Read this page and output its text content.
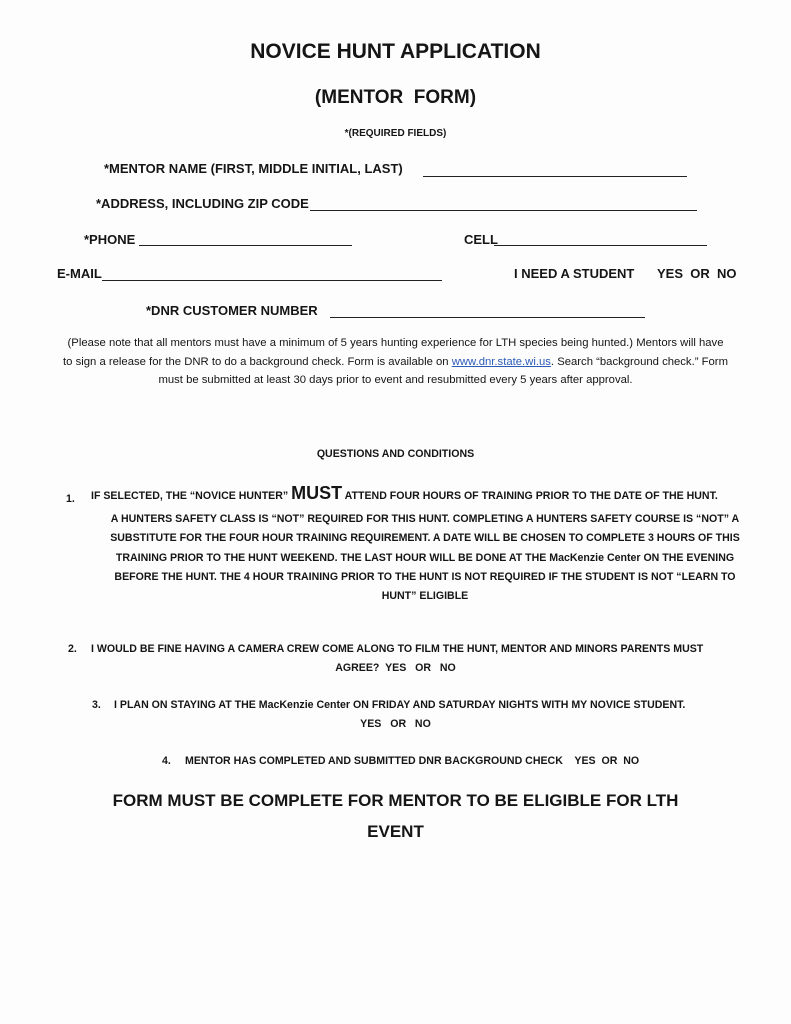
NOVICE HUNT APPLICATION
(MENTOR  FORM)
*(REQUIRED FIELDS)
*MENTOR NAME (FIRST, MIDDLE INITIAL, LAST)
*ADDRESS, INCLUDING ZIP CODE
*PHONE	CELL
E-MAIL	I NEED A STUDENT YES  OR  NO
*DNR CUSTOMER NUMBER
(Please note that all mentors must have a minimum of 5 years hunting experience for LTH species being hunted.) Mentors will have
to sign a release for the DNR to do a background check. Form is available on www.dnr.state.wi.us. Search “background check.” Form
must be submitted at least 30 days prior to event and resubmitted every 5 years after approval.
QUESTIONS AND CONDITIONS
1. IF SELECTED, THE “NOVICE HUNTER” MUST ATTEND FOUR HOURS OF TRAINING PRIOR TO THE DATE OF THE HUNT.
A HUNTERS SAFETY CLASS IS “NOT” REQUIRED FOR THIS HUNT. COMPLETING A HUNTERS SAFETY COURSE IS “NOT” A
SUBSTITUTE FOR THE FOUR HOUR TRAINING REQUIREMENT. A DATE WILL BE CHOSEN TO COMPLETE 3 HOURS OF THIS
TRAINING PRIOR TO THE HUNT WEEKEND. THE LAST HOUR WILL BE DONE AT THE MacKenzie Center ON THE EVENING
BEFORE THE HUNT. THE 4 HOUR TRAINING PRIOR TO THE HUNT IS NOT REQUIRED IF THE STUDENT IS NOT “LEARN TO
HUNT” ELIGIBLE
2. I WOULD BE FINE HAVING A CAMERA CREW COME ALONG TO FILM THE HUNT, MENTOR AND MINORS PARENTS MUST
AGREE?  YES   OR   NO
3. I PLAN ON STAYING AT THE MacKenzie Center ON FRIDAY AND SATURDAY NIGHTS WITH MY NOVICE STUDENT.
YES   OR   NO
4. MENTOR HAS COMPLETED AND SUBMITTED DNR BACKGROUND CHECK    YES  OR  NO
FORM MUST BE COMPLETE FOR MENTOR TO BE ELIGIBLE FOR LTH
EVENT
